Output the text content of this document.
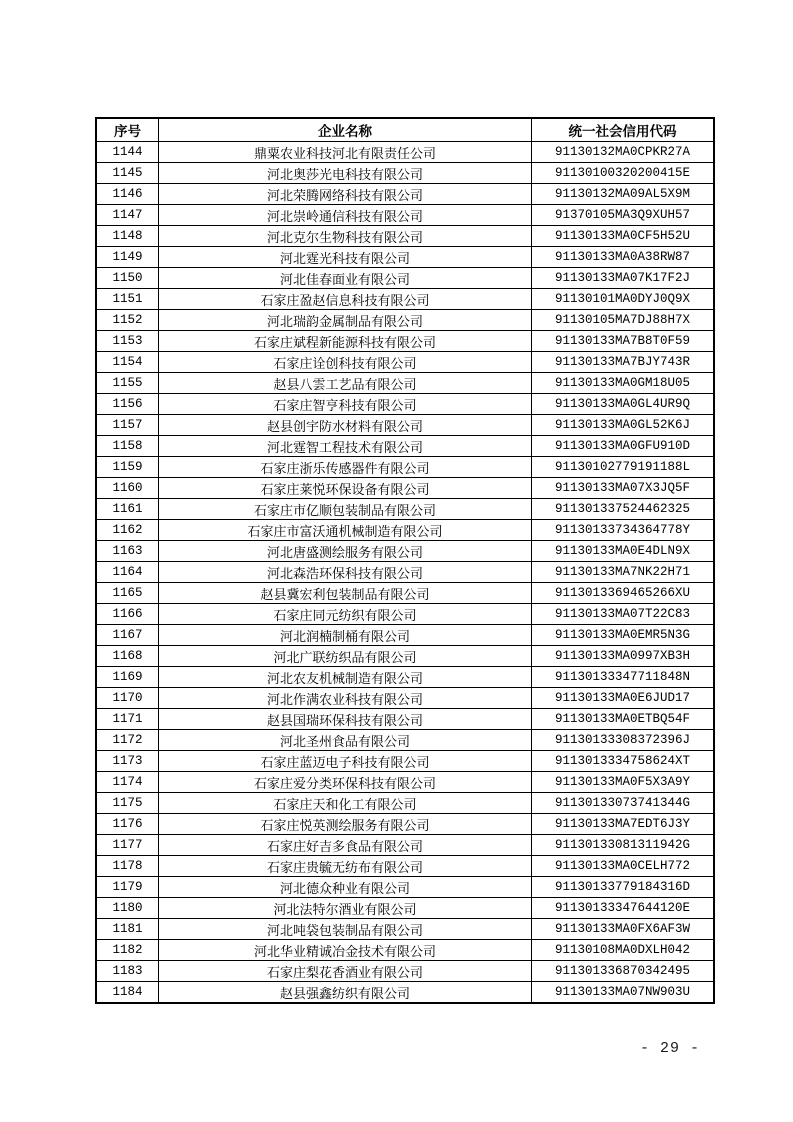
序号	企业名称	统一社会信用代码
1144	鼎粟农业科技河北有限责任公司	91130132MA0CPKR27A
1145	河北奥莎光电科技有限公司	91130100320200415E
1146	河北荣腾网络科技有限公司	91130132MA09AL5X9M
1147	河北崇岭通信科技有限公司	91370105MA3Q9XUH57
1148	河北克尔生物科技有限公司	91130133MA0CF5H52U
1149	河北霆光科技有限公司	91130133MA0A38RW87
1150	河北佳春面业有限公司	91130133MA07K17F2J
1151	石家庄盈赵信息科技有限公司	91130101MA0DYJ0Q9X
1152	河北瑞韵金属制品有限公司	91130105MA7DJ88H7X
1153	石家庄斌程新能源科技有限公司	91130133MA7B8T0F59
1154	石家庄诠创科技有限公司	91130133MA7BJY743R
1155	赵县八雲工艺品有限公司	91130133MA0GM18U05
1156	石家庄智亨科技有限公司	91130133MA0GL4UR9Q
1157	赵县创宇防水材料有限公司	91130133MA0GL52K6J
1158	河北霆智工程技术有限公司	91130133MA0GFU910D
1159	石家庄浙乐传感器件有限公司	91130102779191188L
1160	石家庄莱悦环保设备有限公司	91130133MA07X3JQ5F
1161	石家庄市亿顺包装制品有限公司	911301337524462325
1162	石家庄市富沃通机械制造有限公司	91130133734364778Y
1163	河北唐盛测绘服务有限公司	91130133MA0E4DLN9X
1164	河北森浩环保科技有限公司	91130133MA7NK22H71
1165	赵县冀宏利包装制品有限公司	9113013369465266XU
1166	石家庄同元纺织有限公司	91130133MA07T22C83
1167	河北润楠制桶有限公司	91130133MA0EMR5N3G
1168	河北广联纺织品有限公司	91130133MA0997XB3H
1169	河北农友机械制造有限公司	91130133347711848N
1170	河北作满农业科技有限公司	91130133MA0E6JUD17
1171	赵县国瑞环保科技有限公司	91130133MA0ETBQ54F
1172	河北圣州食品有限公司	91130133308372396J
1173	石家庄蓝迈电子科技有限公司	9113013334758624XT
1174	石家庄爱分类环保科技有限公司	91130133MA0F5X3A9Y
1175	石家庄天和化工有限公司	91130133073741344G
1176	石家庄悦英测绘服务有限公司	91130133MA7EDT6J3Y
1177	石家庄好吉多食品有限公司	91130133081311942G
1178	石家庄贵毓无纺布有限公司	91130133MA0CELH772
1179	河北德众种业有限公司	91130133779184316D
1180	河北法特尔酒业有限公司	91130133347644120E
1181	河北吨袋包装制品有限公司	91130133MA0FX6AF3W
1182	河北华业精诚冶金技术有限公司	91130108MA0DXLH042
1183	石家庄梨花香酒业有限公司	911301336870342495
1184	赵县强鑫纺织有限公司	91130133MA07NW903U
- 29 -
